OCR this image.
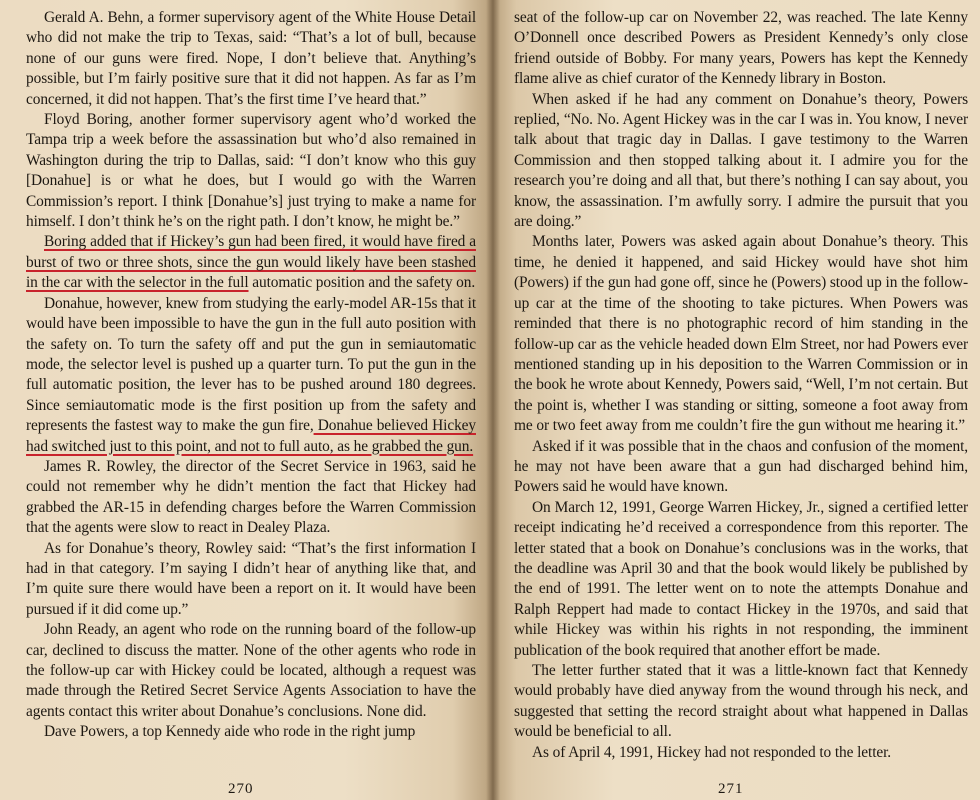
Gerald A. Behn, a former supervisory agent of the White House Detail who did not make the trip to Texas, said: “That’s a lot of bull, because none of our guns were fired. Nope, I don’t believe that. Anything’s possible, but I’m fairly positive sure that it did not happen. As far as I’m concerned, it did not happen. That’s the first time I’ve heard that.”

Floyd Boring, another former supervisory agent who’d worked the Tampa trip a week before the assassination but who’d also remained in Washington during the trip to Dallas, said: “I don’t know who this guy [Donahue] is or what he does, but I would go with the Warren Commission’s report. I think [Donahue’s] just trying to make a name for himself. I don’t think he’s on the right path. I don’t know, he might be.”

Boring added that if Hickey’s gun had been fired, it would have fired a burst of two or three shots, since the gun would likely have been stashed in the car with the selector in the full automatic position and the safety on.

Donahue, however, knew from studying the early-model AR-15s that it would have been impossible to have the gun in the full auto position with the safety on. To turn the safety off and put the gun in semiautomatic mode, the selector level is pushed up a quarter turn. To put the gun in the full automatic position, the lever has to be pushed around 180 degrees. Since semiautomatic mode is the first position up from the safety and represents the fastest way to make the gun fire, Donahue believed Hickey had switched just to this point, and not to full auto, as he grabbed the gun.

James R. Rowley, the director of the Secret Service in 1963, said he could not remember why he didn’t mention the fact that Hickey had grabbed the AR-15 in defending charges before the Warren Commission that the agents were slow to react in Dealey Plaza.

As for Donahue’s theory, Rowley said: “That’s the first information I had in that category. I’m saying I didn’t hear of anything like that, and I’m quite sure there would have been a report on it. It would have been pursued if it did come up.”

John Ready, an agent who rode on the running board of the follow-up car, declined to discuss the matter. None of the other agents who rode in the follow-up car with Hickey could be located, although a request was made through the Retired Secret Service Agents Association to have the agents contact this writer about Donahue’s conclusions. None did.

Dave Powers, a top Kennedy aide who rode in the right jump

270

seat of the follow-up car on November 22, was reached. The late Kenny O’Donnell once described Powers as President Kennedy’s only close friend outside of Bobby. For many years, Powers has kept the Kennedy flame alive as chief curator of the Kennedy library in Boston.

When asked if he had any comment on Donahue’s theory, Powers replied, “No. No. Agent Hickey was in the car I was in. You know, I never talk about that tragic day in Dallas. I gave testimony to the Warren Commission and then stopped talking about it. I admire you for the research you’re doing and all that, but there’s nothing I can say about, you know, the assassination. I’m awfully sorry. I admire the pursuit that you are doing.”

Months later, Powers was asked again about Donahue’s theory. This time, he denied it happened, and said Hickey would have shot him (Powers) if the gun had gone off, since he (Powers) stood up in the follow-up car at the time of the shooting to take pictures. When Powers was reminded that there is no photographic record of him standing in the follow-up car as the vehicle headed down Elm Street, nor had Powers ever mentioned standing up in his deposition to the Warren Commission or in the book he wrote about Kennedy, Powers said, “Well, I’m not certain. But the point is, whether I was standing or sitting, someone a foot away from me or two feet away from me couldn’t fire the gun without me hearing it.”

Asked if it was possible that in the chaos and confusion of the moment, he may not have been aware that a gun had discharged behind him, Powers said he would have known.

On March 12, 1991, George Warren Hickey, Jr., signed a certified letter receipt indicating he’d received a correspondence from this reporter. The letter stated that a book on Donahue’s conclusions was in the works, that the deadline was April 30 and that the book would likely be published by the end of 1991. The letter went on to note the attempts Donahue and Ralph Reppert had made to contact Hickey in the 1970s, and said that while Hickey was within his rights in not responding, the imminent publication of the book required that another effort be made.

The letter further stated that it was a little-known fact that Kennedy would probably have died anyway from the wound through his neck, and suggested that setting the record straight about what happened in Dallas would be beneficial to all.

As of April 4, 1991, Hickey had not responded to the letter.

271
